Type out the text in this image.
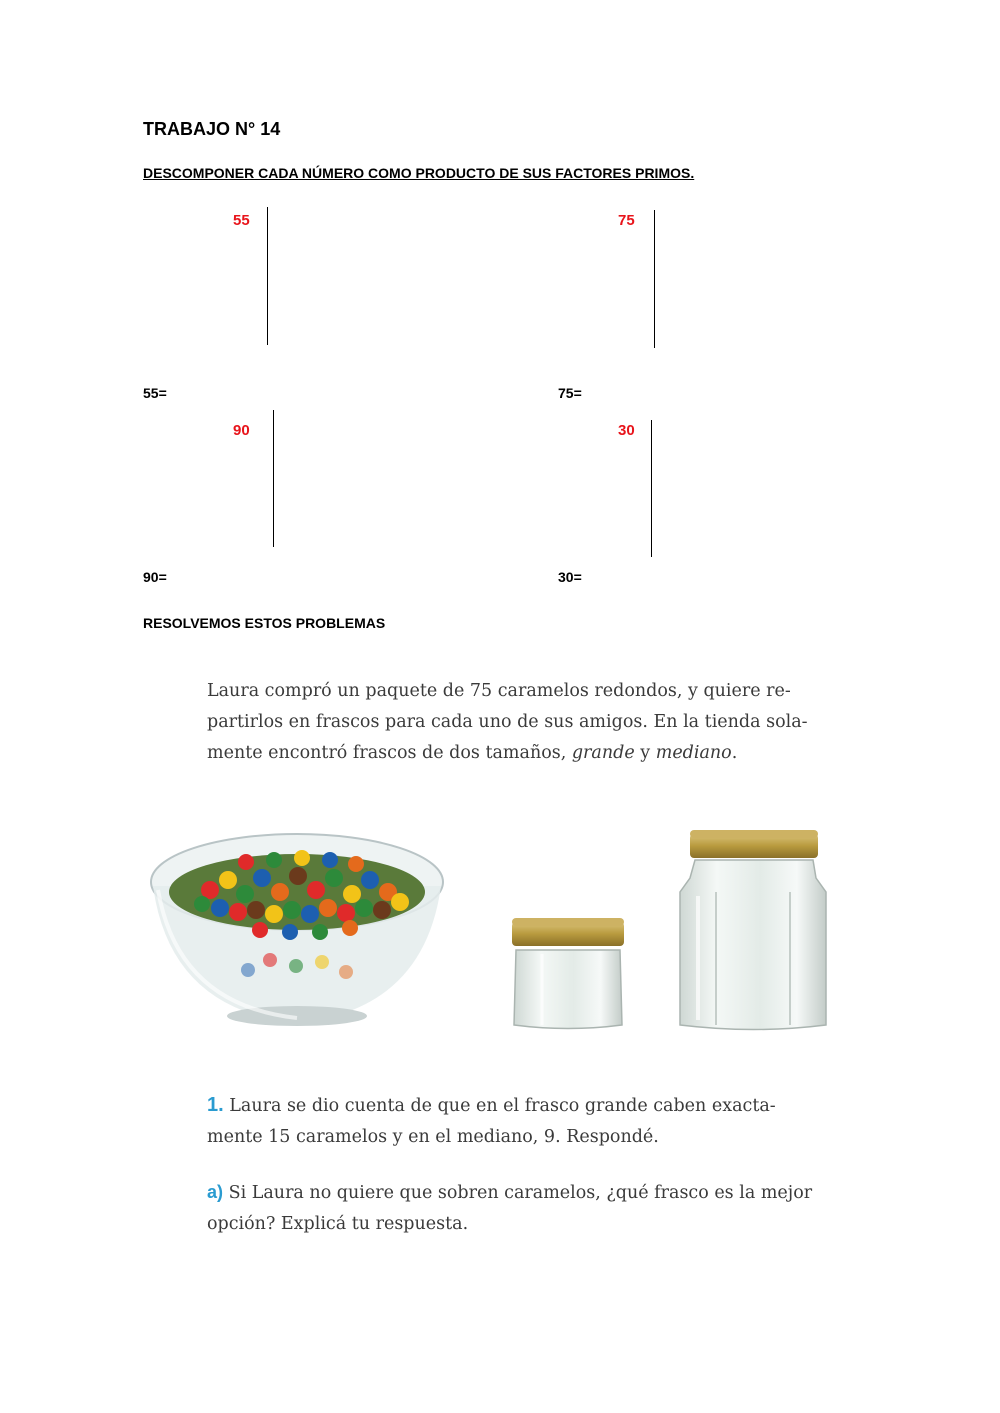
TRABAJO N° 14
DESCOMPONER CADA NÚMERO COMO PRODUCTO DE SUS FACTORES PRIMOS.
55
55=
75
75=
90
90=
30
30=
RESOLVEMOS ESTOS PROBLEMAS
Laura compró un paquete de 75 caramelos redondos, y quiere re-
partirlos en frascos para cada uno de sus amigos. En la tienda sola-
mente encontró frascos de dos tamaños, grande y mediano.
1. Laura se dio cuenta de que en el frasco grande caben exacta-
mente 15 caramelos y en el mediano, 9. Respondé.
a) Si Laura no quiere que sobren caramelos, ¿qué frasco es la mejor
opción? Explicá tu respuesta.
